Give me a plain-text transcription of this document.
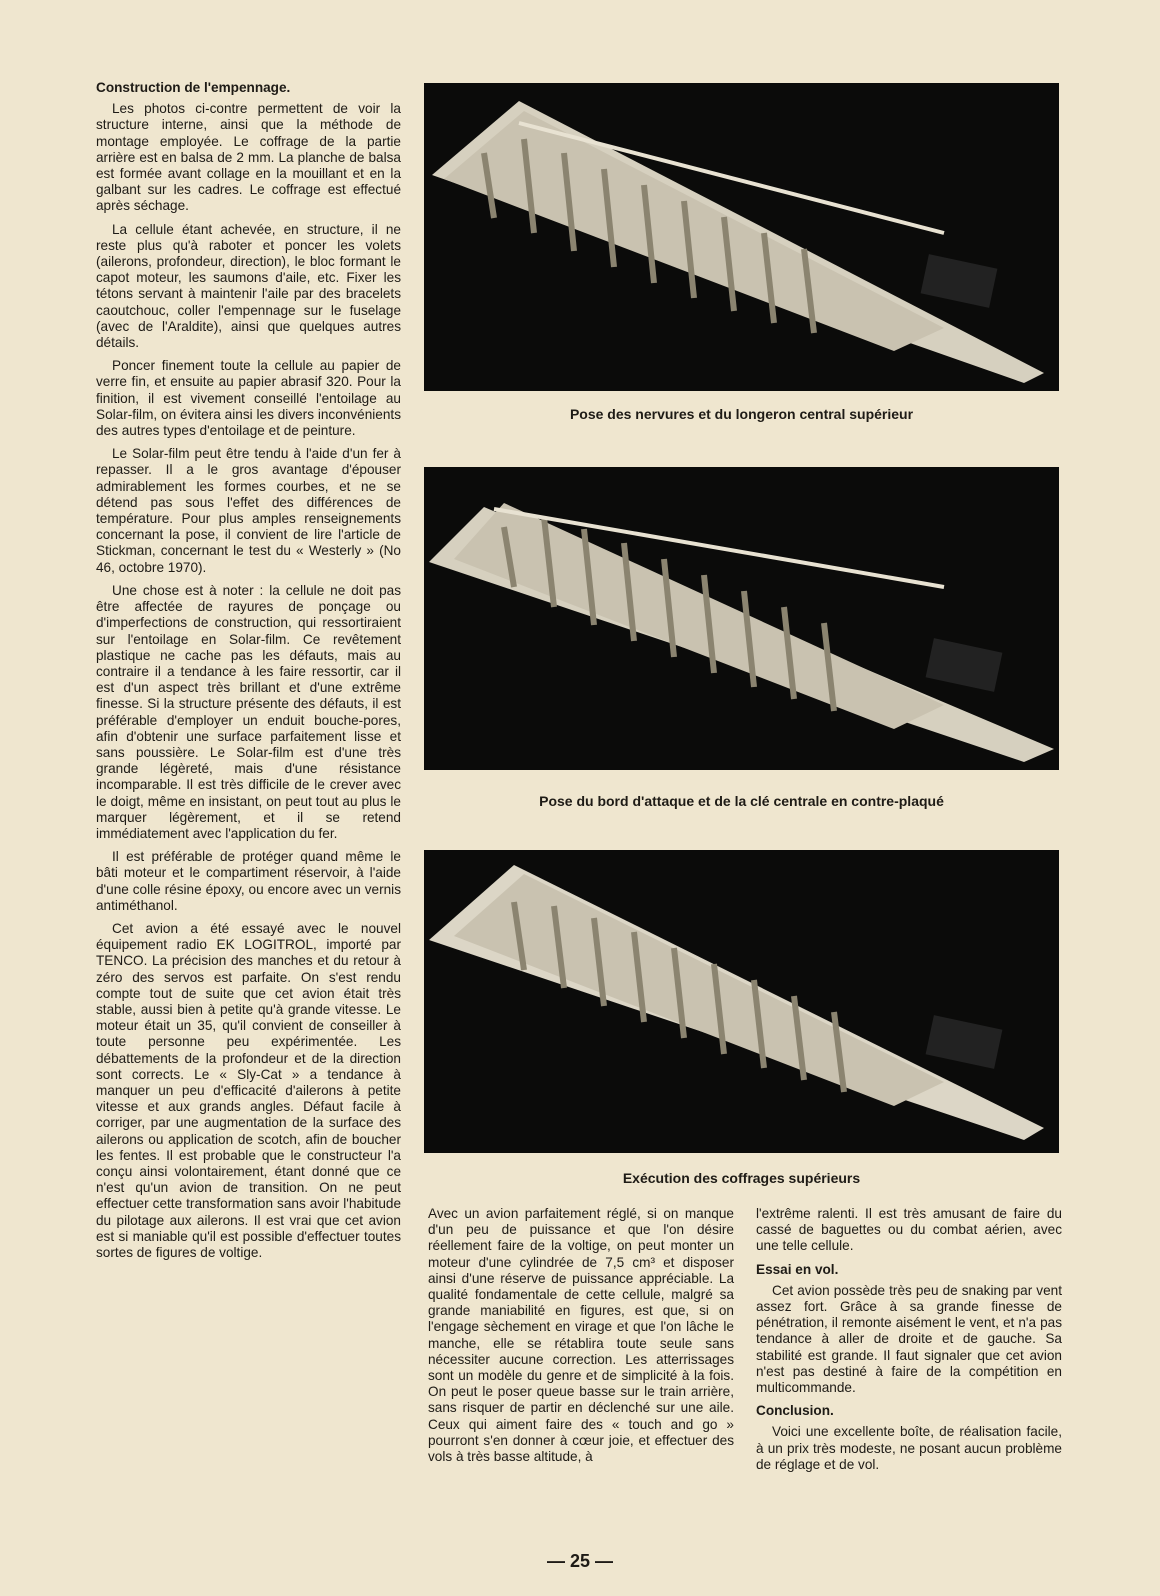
Construction de l'empennage.

Les photos ci-contre permettent de voir la structure interne, ainsi que la méthode de montage employée. Le coffrage de la partie arrière est en balsa de 2 mm. La planche de balsa est formée avant collage en la mouillant et en la galbant sur les cadres. Le coffrage est effectué après séchage.

La cellule étant achevée, en structure, il ne reste plus qu'à raboter et poncer les volets (ailerons, profondeur, direction), le bloc formant le capot moteur, les saumons d'aile, etc. Fixer les tétons servant à maintenir l'aile par des bracelets caoutchouc, coller l'empennage sur le fuselage (avec de l'Araldite), ainsi que quelques autres détails.

Poncer finement toute la cellule au papier de verre fin, et ensuite au papier abrasif 320. Pour la finition, il est vivement conseillé l'entoilage au Solar-film, on évitera ainsi les divers inconvénients des autres types d'entoilage et de peinture.

Le Solar-film peut être tendu à l'aide d'un fer à repasser. Il a le gros avantage d'épouser admirablement les formes courbes, et ne se détend pas sous l'effet des différences de température. Pour plus amples renseignements concernant la pose, il convient de lire l'article de Stickman, concernant le test du « Westerly » (No 46, octobre 1970).

Une chose est à noter : la cellule ne doit pas être affectée de rayures de ponçage ou d'imperfections de construction, qui ressortiraient sur l'entoilage en Solar-film. Ce revêtement plastique ne cache pas les défauts, mais au contraire il a tendance à les faire ressortir, car il est d'un aspect très brillant et d'une extrême finesse. Si la structure présente des défauts, il est préférable d'employer un enduit bouche-pores, afin d'obtenir une surface parfaitement lisse et sans poussière. Le Solar-film est d'une très grande légèreté, mais d'une résistance incomparable. Il est très difficile de le crever avec le doigt, même en insistant, on peut tout au plus le marquer légèrement, et il se retend immédiatement avec l'application du fer.

Il est préférable de protéger quand même le bâti moteur et le compartiment réservoir, à l'aide d'une colle résine époxy, ou encore avec un vernis antiméthanol.

Cet avion a été essayé avec le nouvel équipement radio EK LOGITROL, importé par TENCO. La précision des manches et du retour à zéro des servos est parfaite. On s'est rendu compte tout de suite que cet avion était très stable, aussi bien à petite qu'à grande vitesse. Le moteur était un 35, qu'il convient de conseiller à toute personne peu expérimentée. Les débattements de la profondeur et de la direction sont corrects. Le « Sly-Cat » a tendance à manquer un peu d'efficacité d'ailerons à petite vitesse et aux grands angles. Défaut facile à corriger, par une augmentation de la surface des ailerons ou application de scotch, afin de boucher les fentes. Il est probable que le constructeur l'a conçu ainsi volontairement, étant donné que ce n'est qu'un avion de transition. On ne peut effectuer cette transformation sans avoir l'habitude du pilotage aux ailerons. Il est vrai que cet avion est si maniable qu'il est possible d'effectuer toutes sortes de figures de voltige.

Pose des nervures et du longeron central supérieur
Pose du bord d'attaque et de la clé centrale en contre-plaqué
Exécution des coffrages supérieurs

Avec un avion parfaitement réglé, si on manque d'un peu de puissance et que l'on désire réellement faire de la voltige, on peut monter un moteur d'une cylindrée de 7,5 cm³ et disposer ainsi d'une réserve de puissance appréciable. La qualité fondamentale de cette cellule, malgré sa grande maniabilité en figures, est que, si on l'engage sèchement en virage et que l'on lâche le manche, elle se rétablira toute seule sans nécessiter aucune correction. Les atterrissages sont un modèle du genre et de simplicité à la fois. On peut le poser queue basse sur le train arrière, sans risquer de partir en déclenché sur une aile. Ceux qui aiment faire des « touch and go » pourront s'en donner à cœur joie, et effectuer des vols à très basse altitude, à

l'extrême ralenti. Il est très amusant de faire du cassé de baguettes ou du combat aérien, avec une telle cellule.

Essai en vol.

Cet avion possède très peu de snaking par vent assez fort. Grâce à sa grande finesse de pénétration, il remonte aisément le vent, et n'a pas tendance à aller de droite et de gauche. Sa stabilité est grande. Il faut signaler que cet avion n'est pas destiné à faire de la compétition en multicommande.

Conclusion.

Voici une excellente boîte, de réalisation facile, à un prix très modeste, ne posant aucun problème de réglage et de vol.

— 25 —
